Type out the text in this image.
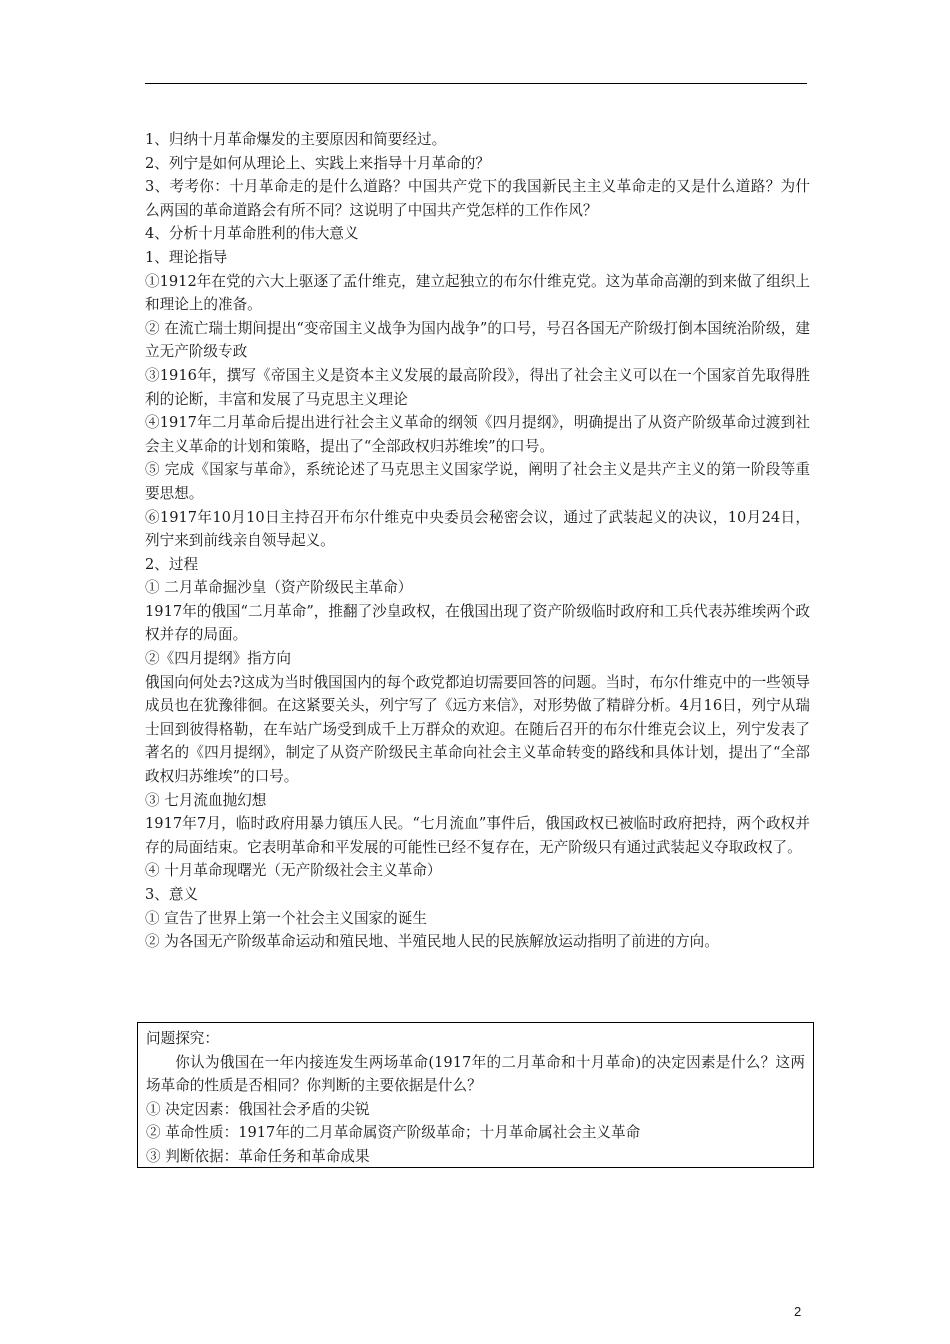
1、归纳十月革命爆发的主要原因和简要经过。

2、列宁是如何从理论上、实践上来指导十月革命的？

3、考考你：十月革命走的是什么道路？中国共产党下的我国新民主主义革命走的又是什么道路？为什么两国的革命道路会有所不同？这说明了中国共产党怎样的工作作风？

4、分析十月革命胜利的伟大意义

1、理论指导

①1912年在党的六大上驱逐了孟什维克，建立起独立的布尔什维克党。这为革命高潮的到来做了组织上和理论上的准备。

② 在流亡瑞士期间提出“变帝国主义战争为国内战争”的口号，号召各国无产阶级打倒本国统治阶级，建立无产阶级专政

③1916年，撰写《帝国主义是资本主义发展的最高阶段》，得出了社会主义可以在一个国家首先取得胜利的论断，丰富和发展了马克思主义理论

④1917年二月革命后提出进行社会主义革命的纲领《四月提纲》，明确提出了从资产阶级革命过渡到社会主义革命的计划和策略，提出了“全部政权归苏维埃”的口号。

⑤ 完成《国家与革命》，系统论述了马克思主义国家学说，阐明了社会主义是共产主义的第一阶段等重要思想。

⑥1917年10月10日主持召开布尔什维克中央委员会秘密会议，通过了武装起义的决议，10月24日，列宁来到前线亲自领导起义。

2、过程

① 二月革命掘沙皇（资产阶级民主革命）

1917年的俄国“二月革命”，推翻了沙皇政权，在俄国出现了资产阶级临时政府和工兵代表苏维埃两个政权并存的局面。

②《四月提纲》指方向

俄国向何处去?这成为当时俄国国内的每个政党都迫切需要回答的问题。当时，布尔什维克中的一些领导成员也在犹豫徘徊。在这紧要关头，列宁写了《远方来信》，对形势做了精辟分析。4月16日，列宁从瑞士回到彼得格勒，在车站广场受到成千上万群众的欢迎。在随后召开的布尔什维克会议上，列宁发表了著名的《四月提纲》，制定了从资产阶级民主革命向社会主义革命转变的路线和具体计划，提出了“全部政权归苏维埃”的口号。

③ 七月流血抛幻想

1917年7月，临时政府用暴力镇压人民。“七月流血”事件后，俄国政权已被临时政府把持，两个政权并存的局面结束。它表明革命和平发展的可能性已经不复存在，无产阶级只有通过武装起义夺取政权了。

④ 十月革命现曙光（无产阶级社会主义革命）

3、意义

① 宣告了世界上第一个社会主义国家的诞生

② 为各国无产阶级革命运动和殖民地、半殖民地人民的民族解放运动指明了前进的方向。

问题探究：

你认为俄国在一年内接连发生两场革命(1917年的二月革命和十月革命)的决定因素是什么？这两场革命的性质是否相同？你判断的主要依据是什么？

① 决定因素：俄国社会矛盾的尖锐

② 革命性质：1917年的二月革命属资产阶级革命；十月革命属社会主义革命

③ 判断依据：革命任务和革命成果

2
